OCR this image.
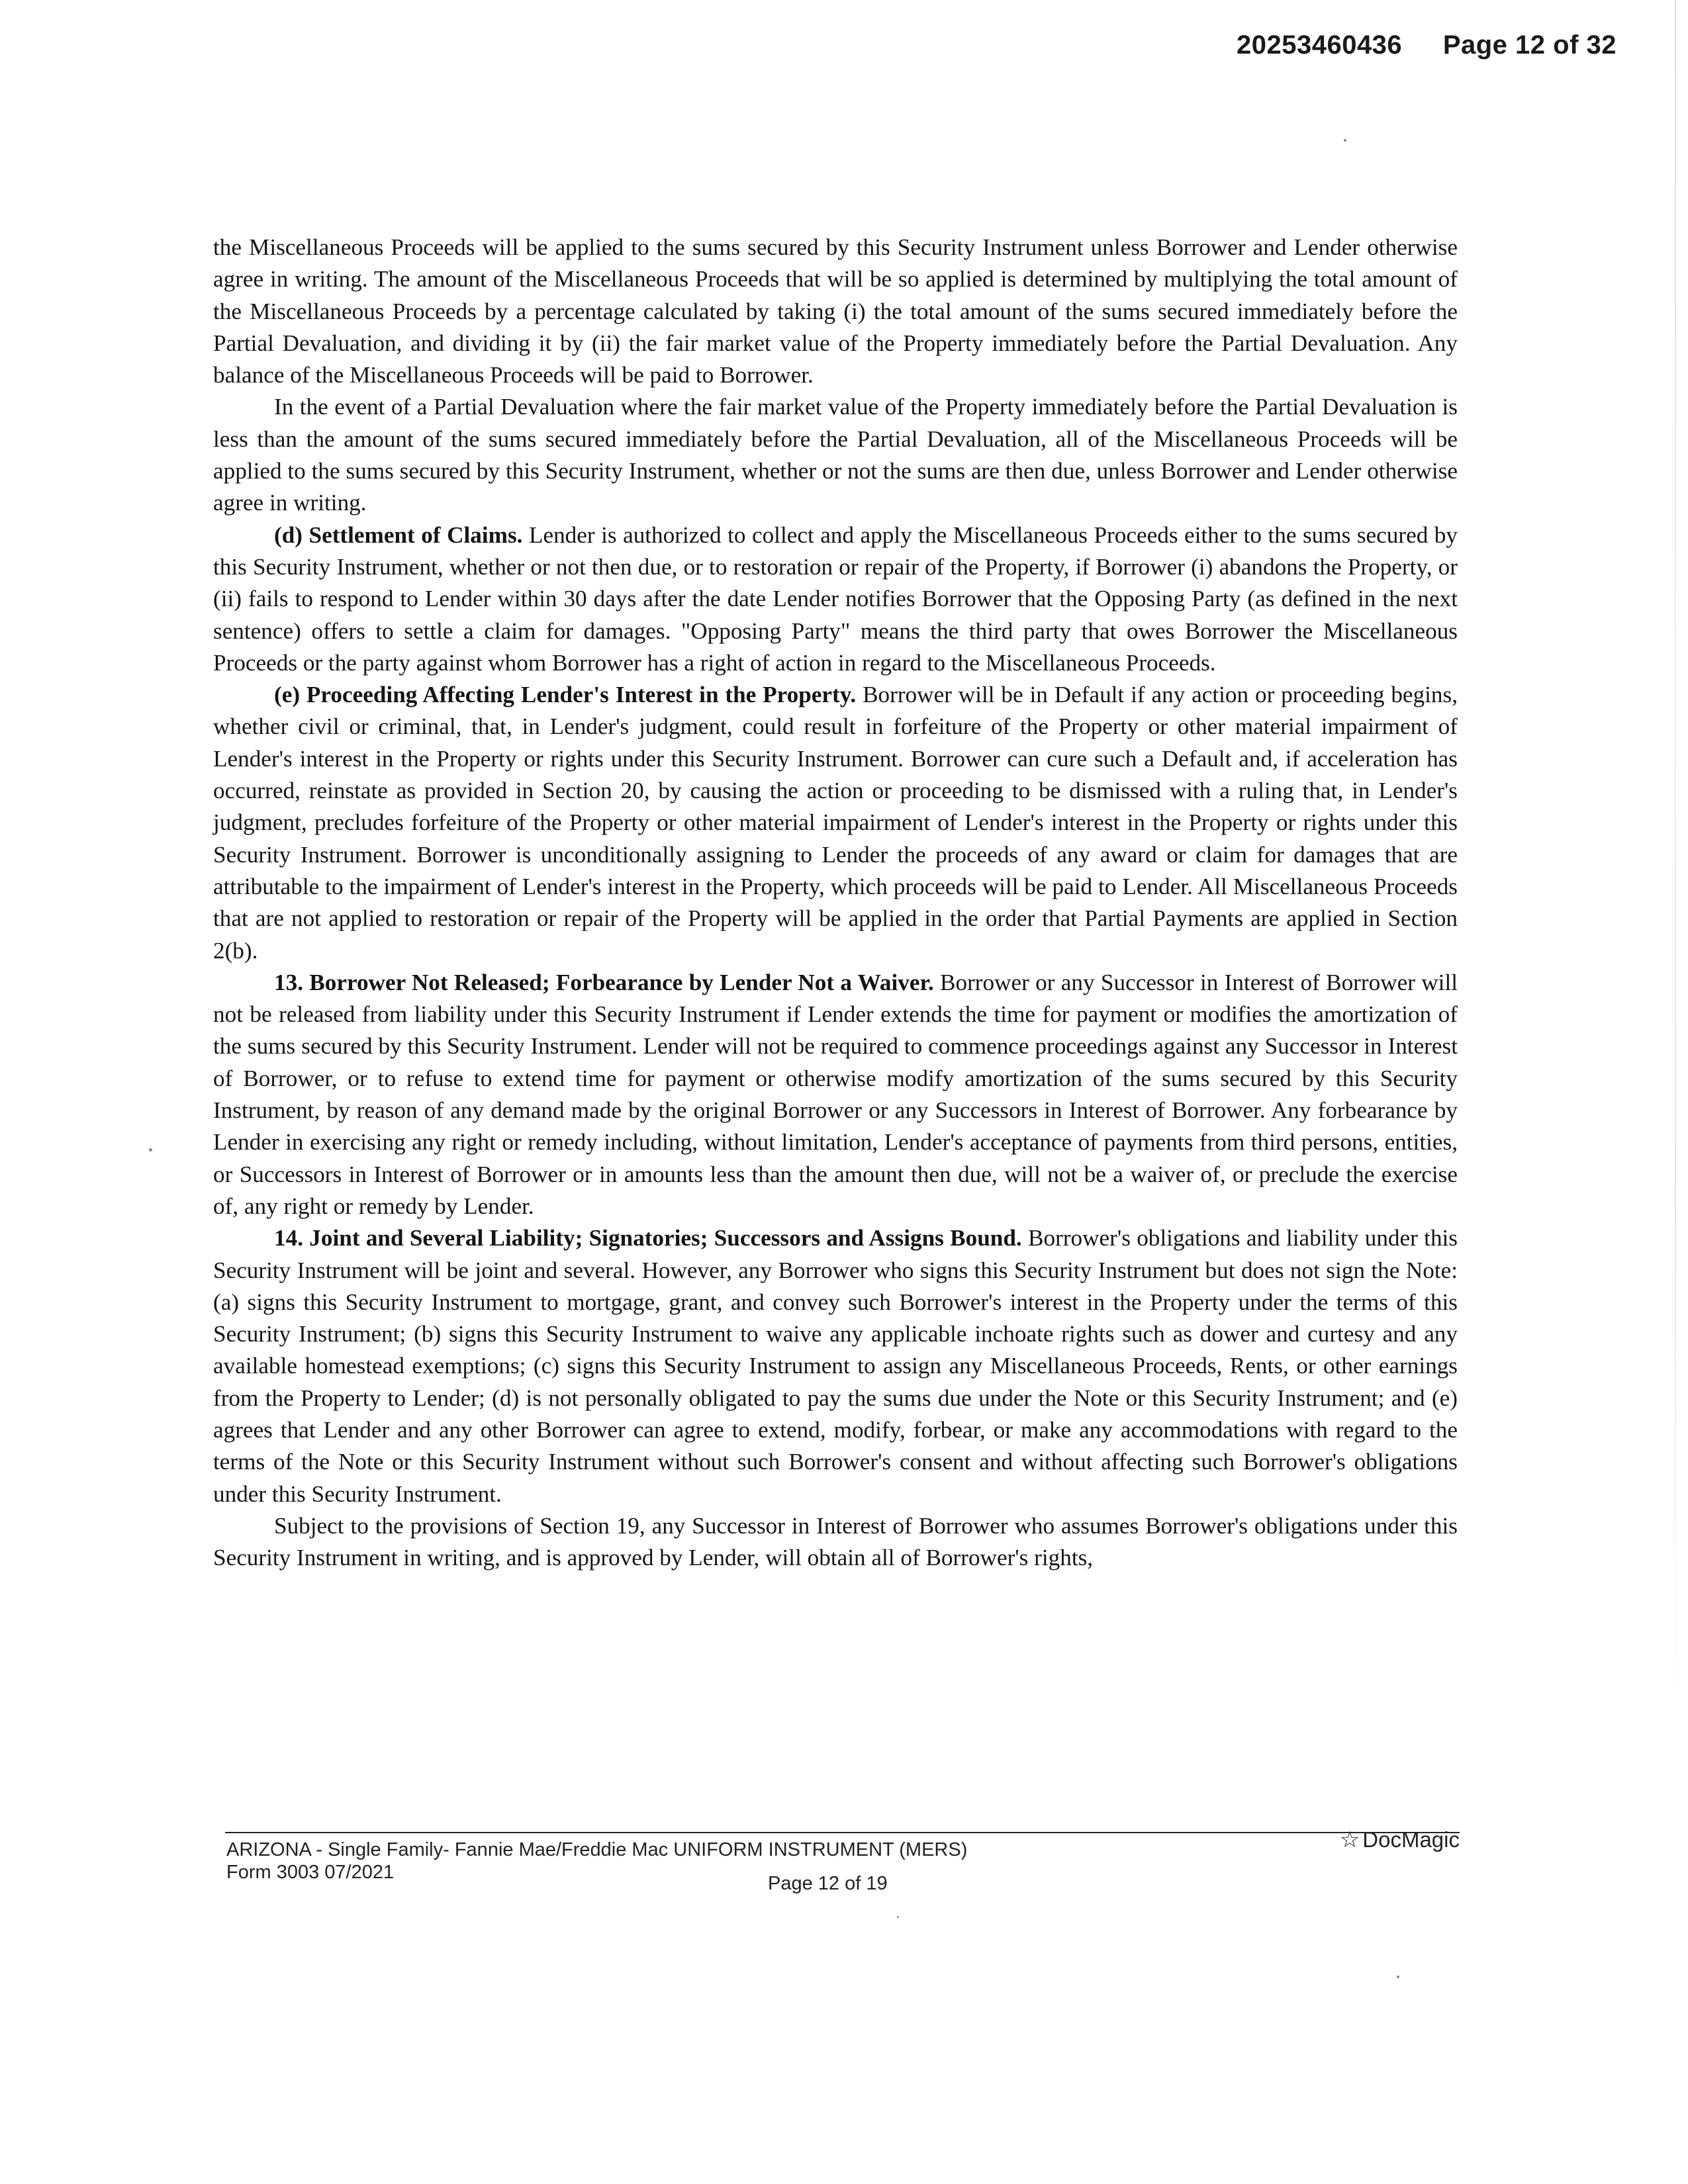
20253460436 Page 12 of 32

the Miscellaneous Proceeds will be applied to the sums secured by this Security Instrument unless Borrower and Lender otherwise agree in writing. The amount of the Miscellaneous Proceeds that will be so applied is determined by multiplying the total amount of the Miscellaneous Proceeds by a percentage calculated by taking (i) the total amount of the sums secured immediately before the Partial Devaluation, and dividing it by (ii) the fair market value of the Property immediately before the Partial Devaluation. Any balance of the Miscellaneous Proceeds will be paid to Borrower.

In the event of a Partial Devaluation where the fair market value of the Property immediately before the Partial Devaluation is less than the amount of the sums secured immediately before the Partial Devaluation, all of the Miscellaneous Proceeds will be applied to the sums secured by this Security Instrument, whether or not the sums are then due, unless Borrower and Lender otherwise agree in writing.

(d) Settlement of Claims. Lender is authorized to collect and apply the Miscellaneous Proceeds either to the sums secured by this Security Instrument, whether or not then due, or to restoration or repair of the Property, if Borrower (i) abandons the Property, or (ii) fails to respond to Lender within 30 days after the date Lender notifies Borrower that the Opposing Party (as defined in the next sentence) offers to settle a claim for damages. "Opposing Party" means the third party that owes Borrower the Miscellaneous Proceeds or the party against whom Borrower has a right of action in regard to the Miscellaneous Proceeds.

(e) Proceeding Affecting Lender's Interest in the Property. Borrower will be in Default if any action or proceeding begins, whether civil or criminal, that, in Lender's judgment, could result in forfeiture of the Property or other material impairment of Lender's interest in the Property or rights under this Security Instrument. Borrower can cure such a Default and, if acceleration has occurred, reinstate as provided in Section 20, by causing the action or proceeding to be dismissed with a ruling that, in Lender's judgment, precludes forfeiture of the Property or other material impairment of Lender's interest in the Property or rights under this Security Instrument. Borrower is unconditionally assigning to Lender the proceeds of any award or claim for damages that are attributable to the impairment of Lender's interest in the Property, which proceeds will be paid to Lender. All Miscellaneous Proceeds that are not applied to restoration or repair of the Property will be applied in the order that Partial Payments are applied in Section 2(b).

13. Borrower Not Released; Forbearance by Lender Not a Waiver. Borrower or any Successor in Interest of Borrower will not be released from liability under this Security Instrument if Lender extends the time for payment or modifies the amortization of the sums secured by this Security Instrument. Lender will not be required to commence proceedings against any Successor in Interest of Borrower, or to refuse to extend time for payment or otherwise modify amortization of the sums secured by this Security Instrument, by reason of any demand made by the original Borrower or any Successors in Interest of Borrower. Any forbearance by Lender in exercising any right or remedy including, without limitation, Lender's acceptance of payments from third persons, entities, or Successors in Interest of Borrower or in amounts less than the amount then due, will not be a waiver of, or preclude the exercise of, any right or remedy by Lender.

14. Joint and Several Liability; Signatories; Successors and Assigns Bound. Borrower's obligations and liability under this Security Instrument will be joint and several. However, any Borrower who signs this Security Instrument but does not sign the Note: (a) signs this Security Instrument to mortgage, grant, and convey such Borrower's interest in the Property under the terms of this Security Instrument; (b) signs this Security Instrument to waive any applicable inchoate rights such as dower and curtesy and any available homestead exemptions; (c) signs this Security Instrument to assign any Miscellaneous Proceeds, Rents, or other earnings from the Property to Lender; (d) is not personally obligated to pay the sums due under the Note or this Security Instrument; and (e) agrees that Lender and any other Borrower can agree to extend, modify, forbear, or make any accommodations with regard to the terms of the Note or this Security Instrument without such Borrower's consent and without affecting such Borrower's obligations under this Security Instrument.

Subject to the provisions of Section 19, any Successor in Interest of Borrower who assumes Borrower's obligations under this Security Instrument in writing, and is approved by Lender, will obtain all of Borrower's rights,

ARIZONA - Single Family- Fannie Mae/Freddie Mac UNIFORM INSTRUMENT (MERS)
Form 3003 07/2021
Page 12 of 19
☆ DocMagic
